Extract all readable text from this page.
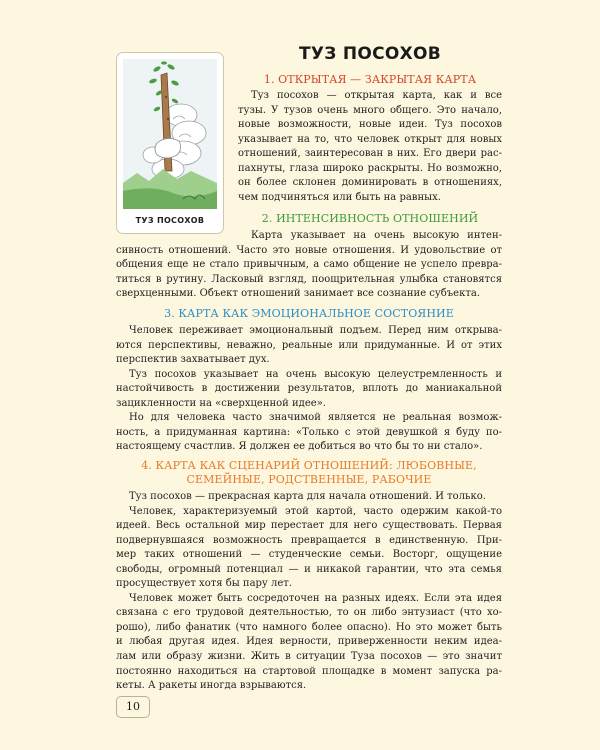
ТУЗ ПОСОХОВ
ТУЗ ПОСОХОВ
1. ОТКРЫТАЯ — ЗАКРЫТАЯ КАРТА
Туз посохов — открытая карта, как и все
тузы. У тузов очень много общего. Это начало,
новые возможности, новые идеи. Туз посохов
указывает на то, что человек открыт для новых
отношений, заинтересован в них. Его двери рас-
пахнуты, глаза широко раскрыты. Но возможно,
он более склонен доминировать в отношениях,
чем подчиняться или быть на равных.
2. ИНТЕНСИВНОСТЬ ОТНОШЕНИЙ
Карта указывает на очень высокую интен-
сивность отношений. Часто это новые отношения. И удовольствие от
общения еще не стало привычным, а само общение не успело превра-
титься в рутину. Ласковый взгляд, поощрительная улыбка становятся
сверхценными. Объект отношений занимает все сознание субъекта.
3. КАРТА КАК ЭМОЦИОНАЛЬНОЕ СОСТОЯНИЕ
Человек переживает эмоциональный подъем. Перед ним открыва-
ются перспективы, неважно, реальные или придуманные. И от этих
перспектив захватывает дух.
Туз посохов указывает на очень высокую целеустремленность и
настойчивость в достижении результатов, вплоть до маниакальной
зацикленности на «сверхценной идее».
Но для человека часто значимой является не реальная возмож-
ность, а придуманная картина: «Только с этой девушкой я буду по-
настоящему счастлив. Я должен ее добиться во что бы то ни стало».
4. КАРТА КАК СЦЕНАРИЙ ОТНОШЕНИЙ: ЛЮБОВНЫЕ,
СЕМЕЙНЫЕ, РОДСТВЕННЫЕ, РАБОЧИЕ
Туз посохов — прекрасная карта для начала отношений. И только.
Человек, характеризуемый этой картой, часто одержим какой-то
идеей. Весь остальной мир перестает для него существовать. Первая
подвернувшаяся возможность превращается в единственную. При-
мер таких отношений — студенческие семьи. Восторг, ощущение
свободы, огромный потенциал — и никакой гарантии, что эта семья
просуществует хотя бы пару лет.
Человек может быть сосредоточен на разных идеях. Если эта идея
связана с его трудовой деятельностью, то он либо энтузиаст (что хо-
рошо), либо фанатик (что намного более опасно). Но это может быть
и любая другая идея. Идея верности, приверженности неким идеа-
лам или образу жизни. Жить в ситуации Туза посохов — это значит
постоянно находиться на стартовой площадке в момент запуска ра-
кеты. А ракеты иногда взрываются.
10
